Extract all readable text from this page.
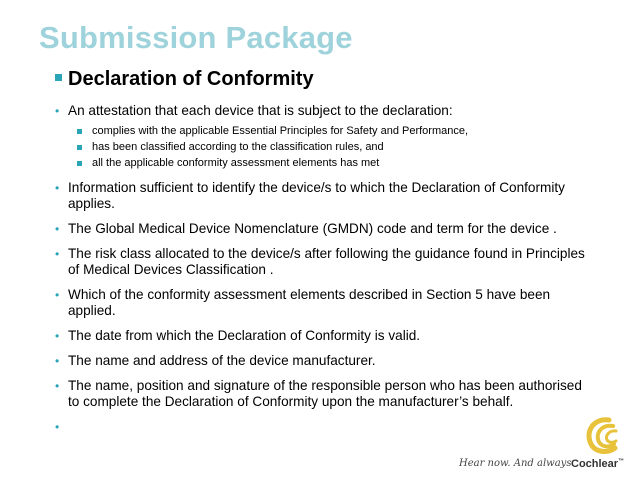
Submission Package
Declaration of Conformity
• An attestation that each device that is subject to the declaration:
complies with the applicable Essential Principles for Safety and Performance,
has been classified according to the classification rules, and
all the applicable conformity assessment elements has met
• Information sufficient to identify the device/s to which the Declaration of Conformity
applies.
• The Global Medical Device Nomenclature (GMDN) code and term for the device .
• The risk class allocated to the device/s after following the guidance found in Principles
of Medical Devices Classification .
• Which of the conformity assessment elements described in Section 5 have been
applied.
• The date from which the Declaration of Conformity is valid.
• The name and address of the device manufacturer.
• The name, position and signature of the responsible person who has been authorised
to complete the Declaration of Conformity upon the manufacturer’s behalf.
•
Hear now. And always Cochlear™
